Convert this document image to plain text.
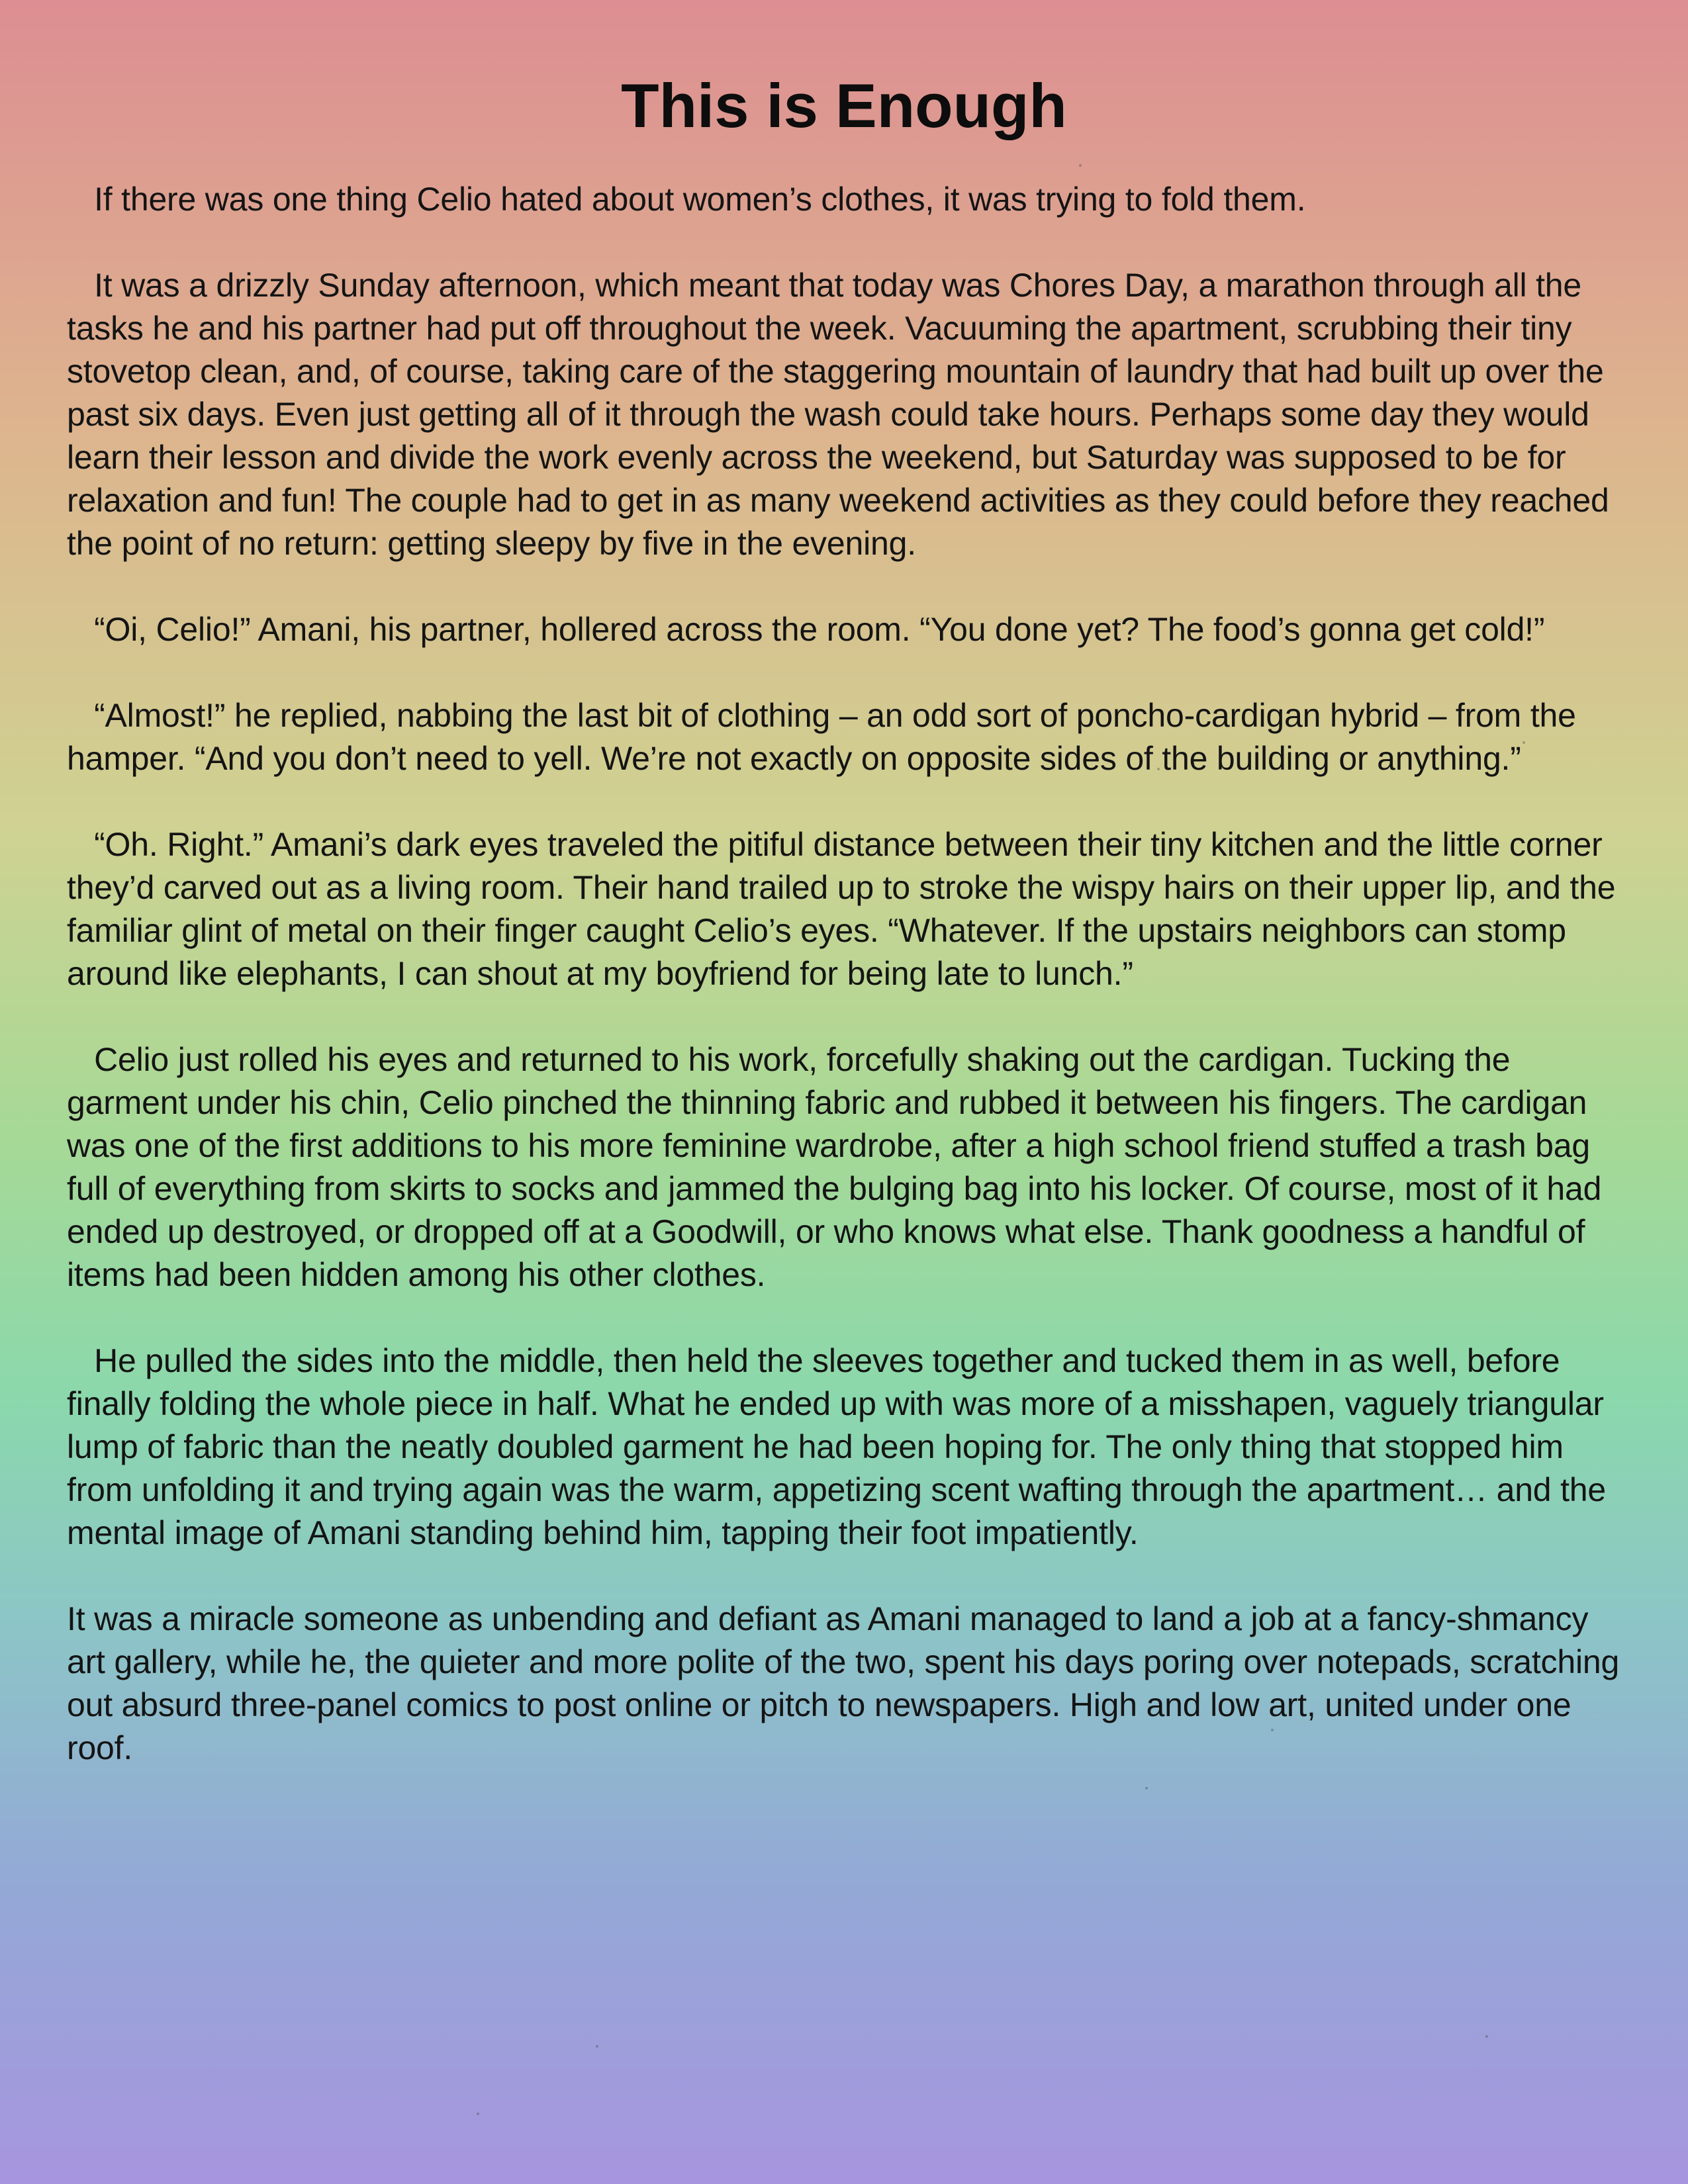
This is Enough

If there was one thing Celio hated about women’s clothes, it was trying to fold them.

It was a drizzly Sunday afternoon, which meant that today was Chores Day, a marathon through all the tasks he and his partner had put off throughout the week. Vacuuming the apartment, scrubbing their tiny stovetop clean, and, of course, taking care of the staggering mountain of laundry that had built up over the past six days. Even just getting all of it through the wash could take hours. Perhaps some day they would learn their lesson and divide the work evenly across the weekend, but Saturday was supposed to be for relaxation and fun! The couple had to get in as many weekend activities as they could before they reached the point of no return: getting sleepy by five in the evening.

“Oi, Celio!” Amani, his partner, hollered across the room. “You done yet? The food’s gonna get cold!”

“Almost!” he replied, nabbing the last bit of clothing – an odd sort of poncho-cardigan hybrid – from the hamper. “And you don’t need to yell. We’re not exactly on opposite sides of the building or anything.”

“Oh. Right.” Amani’s dark eyes traveled the pitiful distance between their tiny kitchen and the little corner they’d carved out as a living room. Their hand trailed up to stroke the wispy hairs on their upper lip, and the familiar glint of metal on their finger caught Celio’s eyes. “Whatever. If the upstairs neighbors can stomp around like elephants, I can shout at my boyfriend for being late to lunch.”

Celio just rolled his eyes and returned to his work, forcefully shaking out the cardigan. Tucking the garment under his chin, Celio pinched the thinning fabric and rubbed it between his fingers. The cardigan was one of the first additions to his more feminine wardrobe, after a high school friend stuffed a trash bag full of everything from skirts to socks and jammed the bulging bag into his locker. Of course, most of it had ended up destroyed, or dropped off at a Goodwill, or who knows what else. Thank goodness a handful of items had been hidden among his other clothes.

He pulled the sides into the middle, then held the sleeves together and tucked them in as well, before finally folding the whole piece in half. What he ended up with was more of a misshapen, vaguely triangular lump of fabric than the neatly doubled garment he had been hoping for. The only thing that stopped him from unfolding it and trying again was the warm, appetizing scent wafting through the apartment… and the mental image of Amani standing behind him, tapping their foot impatiently.

It was a miracle someone as unbending and defiant as Amani managed to land a job at a fancy-shmancy art gallery, while he, the quieter and more polite of the two, spent his days poring over notepads, scratching out absurd three-panel comics to post online or pitch to newspapers. High and low art, united under one roof.
